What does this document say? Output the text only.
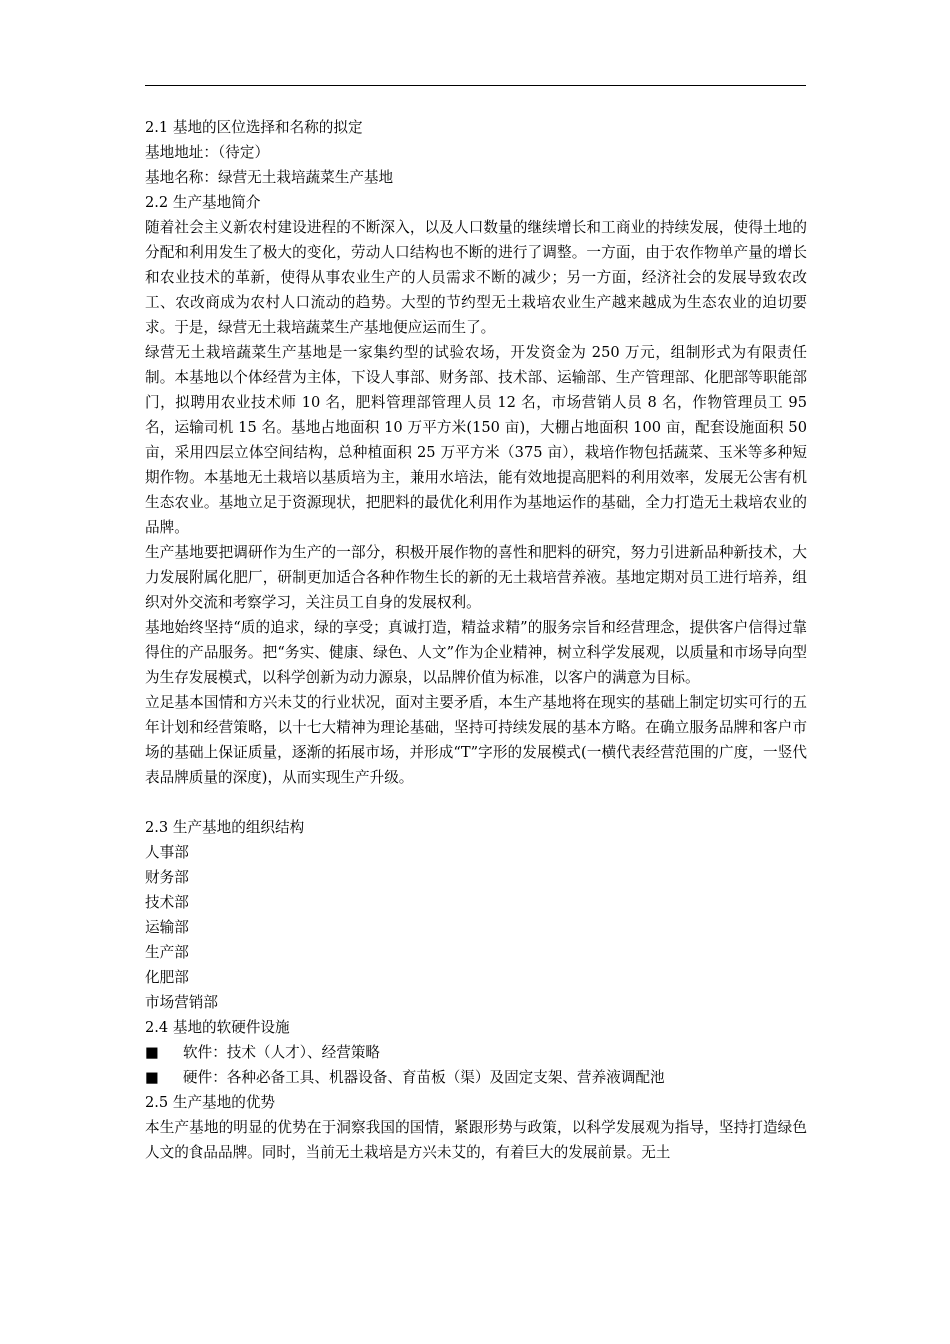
2.1 基地的区位选择和名称的拟定

基地地址：（待定）

基地名称：绿营无土栽培蔬菜生产基地

2.2 生产基地简介

随着社会主义新农村建设进程的不断深入，以及人口数量的继续增长和工商业的持续发展，使得土地的分配和利用发生了极大的变化，劳动人口结构也不断的进行了调整。一方面，由于农作物单产量的增长和农业技术的革新，使得从事农业生产的人员需求不断的减少；另一方面，经济社会的发展导致农改工、农改商成为农村人口流动的趋势。大型的节约型无土栽培农业生产越来越成为生态农业的迫切要求。于是，绿营无土栽培蔬菜生产基地便应运而生了。

绿营无土栽培蔬菜生产基地是一家集约型的试验农场，开发资金为 250 万元，组制形式为有限责任制。本基地以个体经营为主体，下设人事部、财务部、技术部、运输部、生产管理部、化肥部等职能部门，拟聘用农业技术师 10 名，肥料管理部管理人员 12 名，市场营销人员 8 名，作物管理员工 95 名，运输司机 15 名。基地占地面积 10 万平方米(150 亩)，大棚占地面积 100 亩，配套设施面积 50 亩，采用四层立体空间结构，总种植面积 25 万平方米（375 亩），栽培作物包括蔬菜、玉米等多种短期作物。本基地无土栽培以基质培为主，兼用水培法，能有效地提高肥料的利用效率，发展无公害有机生态农业。基地立足于资源现状，把肥料的最优化利用作为基地运作的基础，全力打造无土栽培农业的品牌。

生产基地要把调研作为生产的一部分，积极开展作物的喜性和肥料的研究，努力引进新品种新技术，大力发展附属化肥厂，研制更加适合各种作物生长的新的无土栽培营养液。基地定期对员工进行培养，组织对外交流和考察学习，关注员工自身的发展权利。

基地始终坚持“质的追求，绿的享受；真诚打造，精益求精”的服务宗旨和经营理念，提供客户信得过靠得住的产品服务。把“务实、健康、绿色、人文”作为企业精神，树立科学发展观，以质量和市场导向型为生存发展模式，以科学创新为动力源泉，以品牌价值为标准，以客户的满意为目标。

立足基本国情和方兴未艾的行业状况，面对主要矛盾，本生产基地将在现实的基础上制定切实可行的五年计划和经营策略，以十七大精神为理论基础，坚持可持续发展的基本方略。在确立服务品牌和客户市场的基础上保证质量，逐渐的拓展市场，并形成“T”字形的发展模式(一横代表经营范围的广度，一竖代表品牌质量的深度)，从而实现生产升级。

2.3 生产基地的组织结构

人事部

财务部

技术部

运输部

生产部

化肥部

市场营销部

2.4 基地的软硬件设施

■ 软件：技术（人才）、经营策略

■ 硬件：各种必备工具、机器设备、育苗板（渠）及固定支架、营养液调配池

2.5 生产基地的优势

本生产基地的明显的优势在于洞察我国的国情，紧跟形势与政策，以科学发展观为指导，坚持打造绿色人文的食品品牌。同时，当前无土栽培是方兴未艾的，有着巨大的发展前景。无土
